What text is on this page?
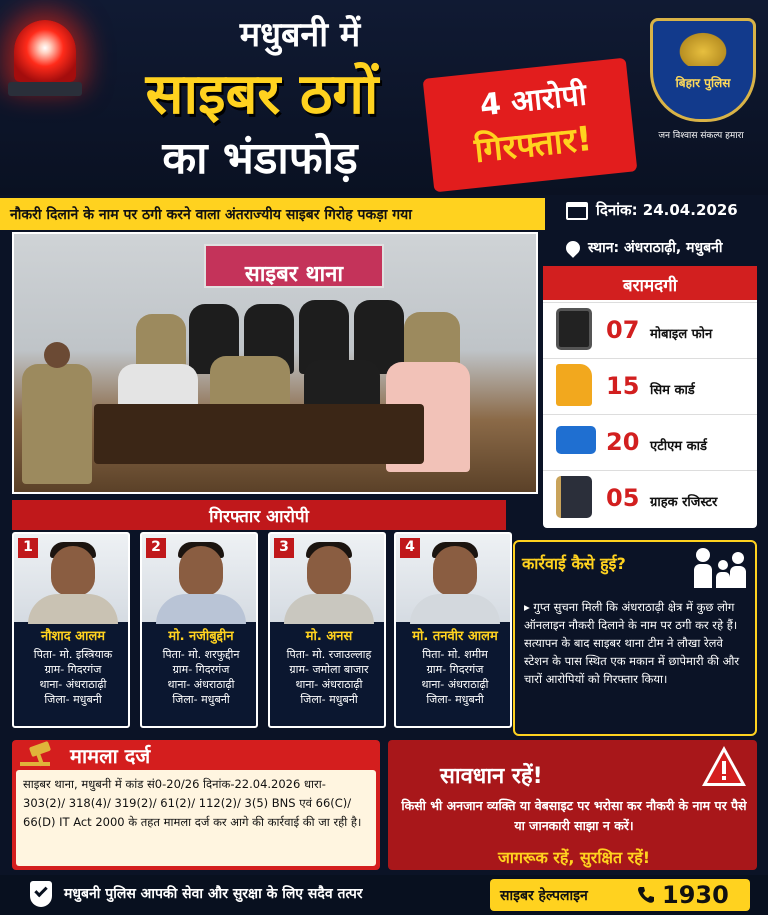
मधुबनी में
साइबर ठगों
का भंडाफोड़
4 आरोपी
गिरफ्तार!
बिहार पुलिस
जन विश्वास संकल्प हमारा
नौकरी दिलाने के नाम पर ठगी करने वाला अंतराज्यीय साइबर गिरोह पकड़ा गया	दिनांक: 24.04.2026
स्थान: अंधराठाढ़ी, मधुबनी
साइबर थाना	बरामदगी
07 मोबाइल फोन
15 सिम कार्ड
20 एटीएम कार्ड
05 ग्राहक रजिस्टर
गिरफ्तार आरोपी
1
नौशाद आलम
पिता- मो. इस्त्रियाक
ग्राम- गिदरगंज
थाना- अंधराठाढ़ी
जिला- मधुबनी
2
मो. नजीबुद्दीन
पिता- मो. शरफुद्दीन
ग्राम- गिदरगंज
थाना- अंधराठाढ़ी
जिला- मधुबनी
3
मो. अनस
पिता- मो. रजाउल्लाह
ग्राम- जमोला बाजार
थाना- अंधराठाढ़ी
जिला- मधुबनी
4
मो. तनवीर आलम
पिता- मो. शमीम
ग्राम- गिदरगंज
थाना- अंधराठाढ़ी
जिला- मधुबनी
कार्रवाई कैसे हुई?
▸ गुप्त सुचना मिली कि अंधराठाढ़ी क्षेत्र में कुछ लोग ऑनलाइन नौकरी दिलाने के नाम पर ठगी कर रहे हैं। सत्यापन के बाद साइबर थाना टीम ने लौखा रेलवे स्टेशन के पास स्थित एक मकान में छापेमारी की और चारों आरोपियों को गिरफ्तार किया।
मामला दर्ज
साइबर थाना, मधुबनी में कांड सं0-20/26 दिनांक-22.04.2026 धारा- 303(2)/ 318(4)/ 319(2)/ 61(2)/ 112(2)/ 3(5) BNS एवं 66(C)/ 66(D) IT Act 2000 के तहत मामला दर्ज कर आगे की कार्रवाई की जा रही है।
सावधान रहें!
किसी भी अनजान व्यक्ति या वेबसाइट पर भरोसा कर नौकरी के नाम पर पैसे या जानकारी साझा न करें।
जागरूक रहें, सुरक्षित रहें!
मधुबनी पुलिस आपकी सेवा और सुरक्षा के लिए सदैव तत्पर	साइबर हेल्पलाइन	1930
